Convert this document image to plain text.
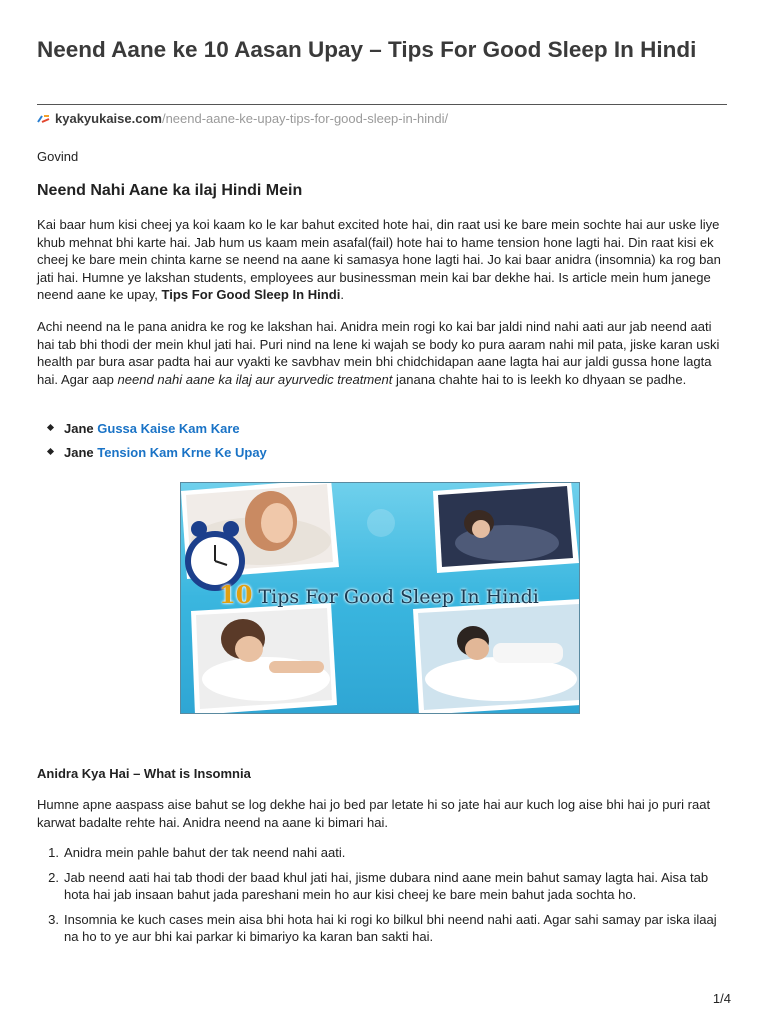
Neend Aane ke 10 Aasan Upay – Tips For Good Sleep In Hindi
kyakyukaise.com/neend-aane-ke-upay-tips-for-good-sleep-in-hindi/
Govind
Neend Nahi Aane ka ilaj Hindi Mein

Kai baar hum kisi cheej ya koi kaam ko le kar bahut excited hote hai, din raat usi ke bare mein sochte hai aur uske liye khub mehnat bhi karte hai. Jab hum us kaam mein asafal(fail) hote hai to hame tension hone lagti hai. Din raat kisi ek cheej ke bare mein chinta karne se neend na aane ki samasya hone lagti hai. Jo kai baar anidra (insomnia) ka rog ban jati hai. Humne ye lakshan students, employees aur businessman mein kai bar dekhe hai. Is article mein hum janege neend aane ke upay, Tips For Good Sleep In Hindi.

Achi neend na le pana anidra ke rog ke lakshan hai. Anidra mein rogi ko kai bar jaldi nind nahi aati aur jab neend aati hai tab bhi thodi der mein khul jati hai. Puri nind na lene ki wajah se body ko pura aaram nahi mil pata, jiske karan uski health par bura asar padta hai aur vyakti ke savbhav mein bhi chidchidapan aane lagta hai aur jaldi gussa hone lagta hai. Agar aap neend nahi aane ka ilaj aur ayurvedic treatment janana chahte hai to is leekh ko dhyaan se padhe.

Jane Gussa Kaise Kam Kare
Jane Tension Kam Krne Ke Upay
10 Tips For Good Sleep In Hindi
Anidra Kya Hai – What is Insomnia

Humne apne aaspass aise bahut se log dekhe hai jo bed par letate hi so jate hai aur kuch log aise bhi hai jo puri raat karwat badalte rehte hai. Anidra neend na aane ki bimari hai.

1. Anidra mein pahle bahut der tak neend nahi aati.
2. Jab neend aati hai tab thodi der baad khul jati hai, jisme dubara nind aane mein bahut samay lagta hai. Aisa tab hota hai jab insaan bahut jada pareshani mein ho aur kisi cheej ke bare mein bahut jada sochta ho.
3. Insomnia ke kuch cases mein aisa bhi hota hai ki rogi ko bilkul bhi neend nahi aati. Agar sahi samay par iska ilaaj na ho to ye aur bhi kai parkar ki bimariyo ka karan ban sakti hai.
1/4
